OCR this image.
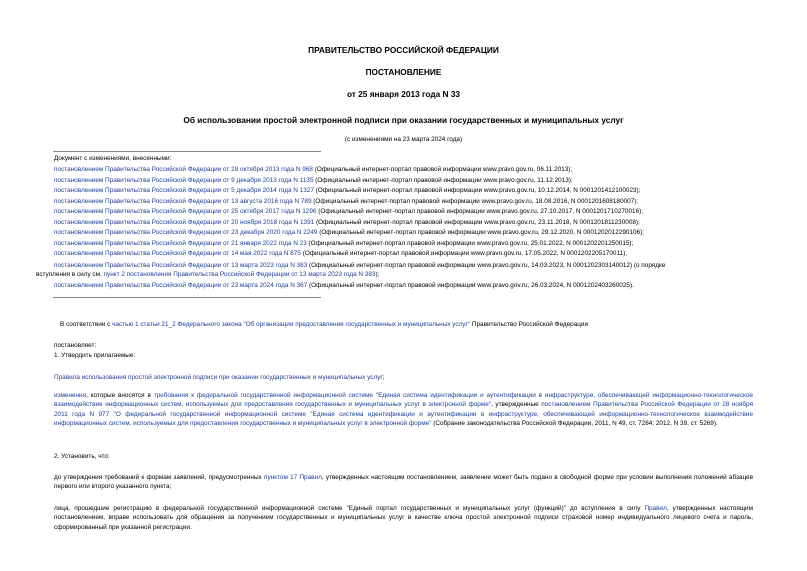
ПРАВИТЕЛЬСТВО РОССИЙСКОЙ ФЕДЕРАЦИИ
ПОСТАНОВЛЕНИЕ
от 25 января 2013 года N 33
Об использовании простой электронной подписи при оказании государственных и муниципальных услуг
(с изменениями на 23 марта 2024 года)
Документ с изменениями, внесенными:
постановлением Правительства Российской Федерации от 28 октября 2013 года N 968 (Официальный интернет-портал правовой информации www.pravo.gov.ru, 06.11.2013);
постановлением Правительства Российской Федерации от 9 декабря 2013 года N 1135 (Официальный интернет-портал правовой информации www.pravo.gov.ru, 11.12.2013);
постановлением Правительства Российской Федерации от 5 декабря 2014 года N 1327 (Официальный интернет-портал правовой информации www.pravo.gov.ru, 10.12.2014, N 0001201412100023);
постановлением Правительства Российской Федерации от 13 августа 2016 года N 789 (Официальный интернет-портал правовой информации www.pravo.gov.ru, 18.08.2016, N 0001201608180007);
постановлением Правительства Российской Федерации от 25 октября 2017 года N 1296 (Официальный интернет-портал правовой информации www.pravo.gov.ru, 27.10.2017, N 0001201710270016);
постановлением Правительства Российской Федерации от 20 ноября 2018 года N 1391 (Официальный интернет-портал правовой информации www.pravo.gov.ru, 23.11.2018, N 0001201811230008);
постановлением Правительства Российской Федерации от 23 декабря 2020 года N 2249 (Официальный интернет-портал правовой информации www.pravo.gov.ru, 29.12.2020, N 0001202012290106);
постановлением Правительства Российской Федерации от 21 января 2022 года N 23 (Официальный интернет-портал правовой информации www.pravo.gov.ru, 25.01.2022, N 0001202201250015);
постановлением Правительства Российской Федерации от 14 мая 2022 года N 875 (Официальный интернет-портал правовой информации www.pravo.gov.ru, 17.05.2022, N 0001202205170011);
постановлением Правительства Российской Федерации от 13 марта 2023 года N 383 (Официальный интернет-портал правовой информации www.pravo.gov.ru, 14.03.2023, N 0001202303140012) (о порядке
вступления в силу см. пункт 2 постановления Правительства Российской Федерации от 13 марта 2023 года N 383);
постановлением Правительства Российской Федерации от 23 марта 2024 года N 367 (Официальный интернет-портал правовой информации www.pravo.gov.ru, 26.03.2024, N 0001202403260025).
В соответствии с частью 1 статьи 21_2 Федерального закона "Об организации предоставления государственных и муниципальных услуг" Правительство Российской Федерации
постановляет:
1. Утвердить прилагаемые:
Правила использования простой электронной подписи при оказании государственных и муниципальных услуг;
изменения, которые вносятся в требования к федеральной государственной информационной системе "Единая система идентификации и аутентификации в инфраструктуре, обеспечивающей информационно-технологическое взаимодействие информационных систем, используемых для предоставления государственных и муниципальных услуг в электронной форме", утвержденные постановлением Правительства Российской Федерации от 28 ноября 2011 года N 977 "О федеральной государственной информационной системе "Единая система идентификации и аутентификации в инфраструктуре, обеспечивающей информационно-технологическое взаимодействие информационных систем, используемых для предоставления государственных и муниципальных услуг в электронной форме" (Собрание законодательства Российской Федерации, 2011, N 49, ст. 7284; 2012, N 39, ст. 5269).
2. Установить, что:
до утверждения требований к формам заявлений, предусмотренных пунктом 17 Правил, утвержденных настоящим постановлением, заявление может быть подано в свободной форме при условии выполнения положений абзацев первого или второго указанного пункта;
лица, прошедшие регистрацию в федеральной государственной информационной системе "Единый портал государственных и муниципальных услуг (функций)" до вступления в силу Правил, утвержденных настоящим постановлением, вправе использовать для обращения за получением государственных и муниципальных услуг в качестве ключа простой электронной подписи страховой номер индивидуального лицевого счета и пароль, сформированный при указанной регистрации.
